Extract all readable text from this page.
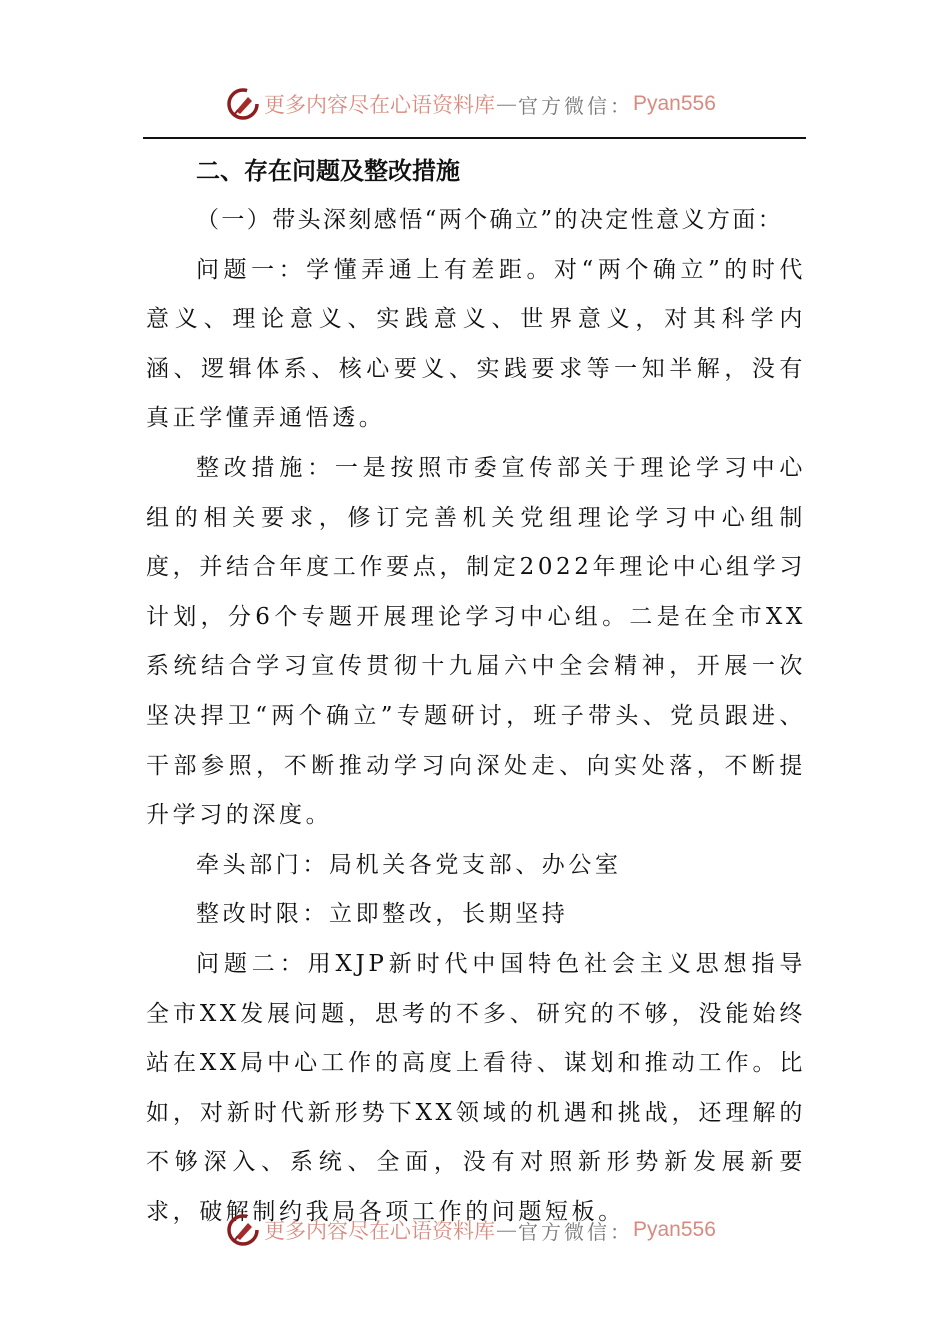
更多内容尽在心语资料库 — 官方微信： Pyan556
二、存在问题及整改措施

（一）带头深刻感悟“两个确立”的决定性意义方面：

问题一：学懂弄通上有差距。对“两个确立”的时代意义、理论意义、实践意义、世界意义，对其科学内涵、逻辑体系、核心要义、实践要求等一知半解，没有真正学懂弄通悟透。

整改措施：一是按照市委宣传部关于理论学习中心组的相关要求，修订完善机关党组理论学习中心组制度，并结合年度工作要点，制定2022年理论中心组学习计划，分6个专题开展理论学习中心组。二是在全市XX系统结合学习宣传贯彻十九届六中全会精神，开展一次坚决捍卫“两个确立”专题研讨，班子带头、党员跟进、干部参照，不断推动学习向深处走、向实处落，不断提升学习的深度。

牵头部门：局机关各党支部、办公室

整改时限：立即整改，长期坚持

问题二：用XJP新时代中国特色社会主义思想指导全市XX发展问题，思考的不多、研究的不够，没能始终站在XX局中心工作的高度上看待、谋划和推动工作。比如，对新时代新形势下XX领域的机遇和挑战，还理解的不够深入、系统、全面，没有对照新形势新发展新要求，破解制约我局各项工作的问题短板。

更多内容尽在心语资料库 — 官方微信： Pyan556
